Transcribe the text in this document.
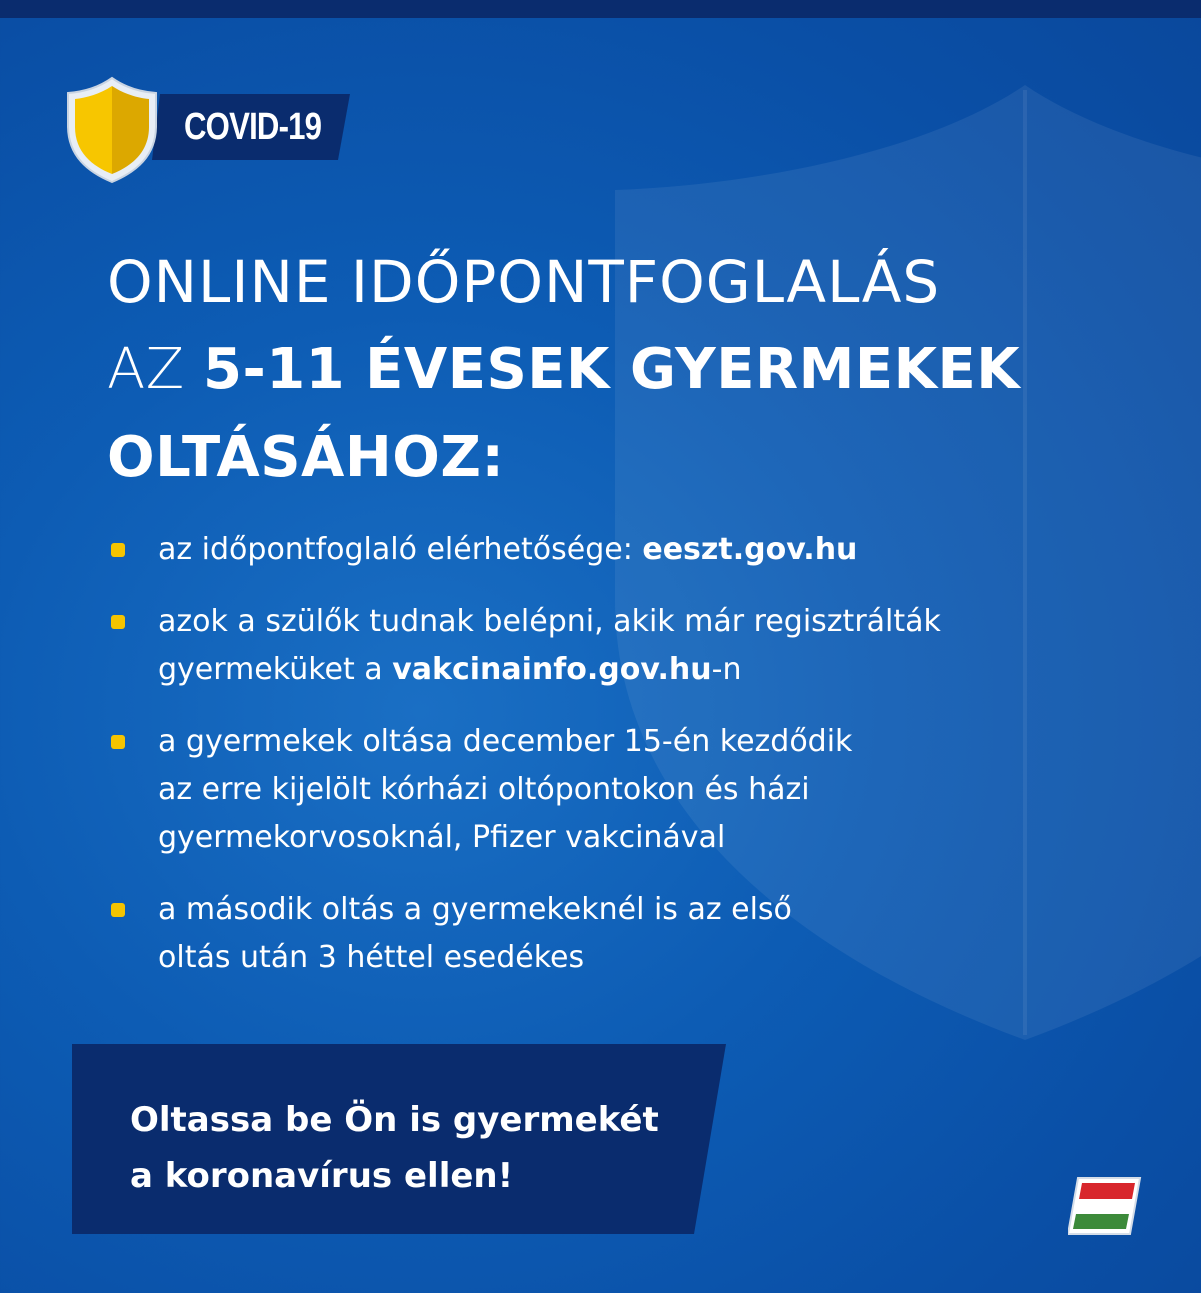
COVID-19
ONLINE IDŐPONTFOGLALÁS
AZ 5-11 ÉVESEK GYERMEKEK
OLTÁSÁHOZ:
az időpontfoglaló elérhetősége: eeszt.gov.hu
azok a szülők tudnak belépni, akik már regisztrálták
gyermeküket a vakcinainfo.gov.hu-n
a gyermekek oltása december 15-én kezdődik
az erre kijelölt kórházi oltópontokon és házi
gyermekorvosoknál, Pfizer vakcinával
a második oltás a gyermekeknél is az első
oltás után 3 héttel esedékes
Oltassa be Ön is gyermekét
a koronavírus ellen!
